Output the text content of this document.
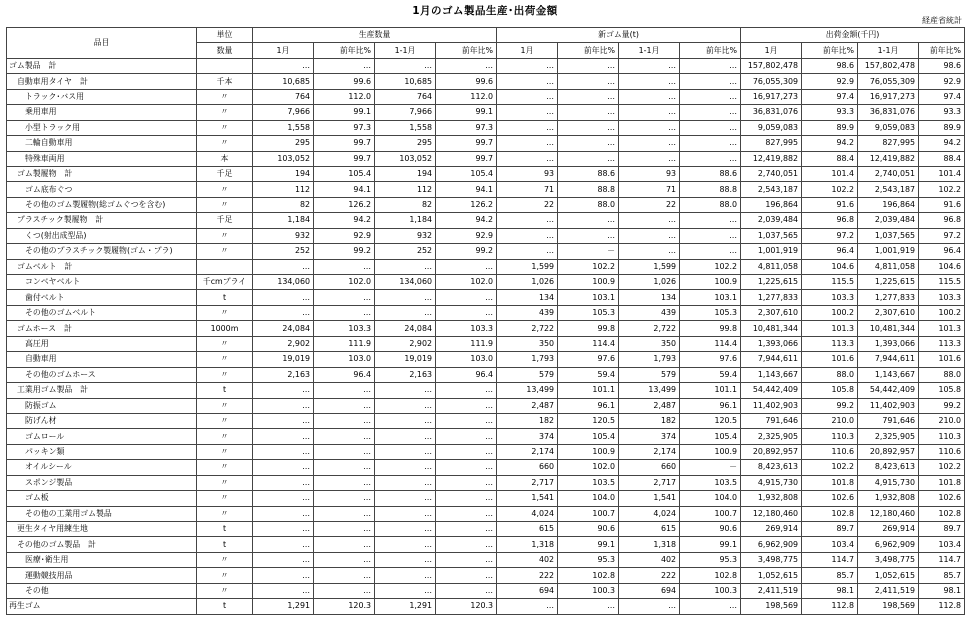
1月のゴム製品生産･出荷金額
経産省統計
品目	単位	生産数量				新ゴム量(t)				出荷金額(千円)			
	数量	1月	前年比%	1-1月	前年比%	1月	前年比%	1-1月	前年比%	1月	前年比%	1-1月	前年比%
ゴム製品　計		…	…	…	…	…	…	…	…	157,802,478	98.6	157,802,478	98.6
自動車用タイヤ　計	千本	10,685	99.6	10,685	99.6	…	…	…	…	76,055,309	92.9	76,055,309	92.9
トラック･バス用	〃	764	112.0	764	112.0	…	…	…	…	16,917,273	97.4	16,917,273	97.4
乗用車用	〃	7,966	99.1	7,966	99.1	…	…	…	…	36,831,076	93.3	36,831,076	93.3
小型トラック用	〃	1,558	97.3	1,558	97.3	…	…	…	…	9,059,083	89.9	9,059,083	89.9
二輪自動車用	〃	295	99.7	295	99.7	…	…	…	…	827,995	94.2	827,995	94.2
特殊車両用	本	103,052	99.7	103,052	99.7	…	…	…	…	12,419,882	88.4	12,419,882	88.4
ゴム製履物　計	千足	194	105.4	194	105.4	93	88.6	93	88.6	2,740,051	101.4	2,740,051	101.4
ゴム底布ぐつ	〃	112	94.1	112	94.1	71	88.8	71	88.8	2,543,187	102.2	2,543,187	102.2
その他のゴム製履物(総ゴムぐつを含む)	〃	82	126.2	82	126.2	22	88.0	22	88.0	196,864	91.6	196,864	91.6
プラスチック製履物　計	千足	1,184	94.2	1,184	94.2	…	…	…	…	2,039,484	96.8	2,039,484	96.8
くつ(射出成型品)	〃	932	92.9	932	92.9	…	…	…	…	1,037,565	97.2	1,037,565	97.2
その他のプラスチック製履物(ゴム・プラ)	〃	252	99.2	252	99.2	…	－	…	…	1,001,919	96.4	1,001,919	96.4
ゴムベルト　計		…	…	…	…	1,599	102.2	1,599	102.2	4,811,058	104.6	4,811,058	104.6
コンベヤベルト	千cmプライ	134,060	102.0	134,060	102.0	1,026	100.9	1,026	100.9	1,225,615	115.5	1,225,615	115.5
歯付ベルト	t	…	…	…	…	134	103.1	134	103.1	1,277,833	103.3	1,277,833	103.3
その他のゴムベルト	〃	…	…	…	…	439	105.3	439	105.3	2,307,610	100.2	2,307,610	100.2
ゴムホース　計	1000m	24,084	103.3	24,084	103.3	2,722	99.8	2,722	99.8	10,481,344	101.3	10,481,344	101.3
高圧用	〃	2,902	111.9	2,902	111.9	350	114.4	350	114.4	1,393,066	113.3	1,393,066	113.3
自動車用	〃	19,019	103.0	19,019	103.0	1,793	97.6	1,793	97.6	7,944,611	101.6	7,944,611	101.6
その他のゴムホース	〃	2,163	96.4	2,163	96.4	579	59.4	579	59.4	1,143,667	88.0	1,143,667	88.0
工業用ゴム製品　計	t	…	…	…	…	13,499	101.1	13,499	101.1	54,442,409	105.8	54,442,409	105.8
防振ゴム	〃	…	…	…	…	2,487	96.1	2,487	96.1	11,402,903	99.2	11,402,903	99.2
防げん材	〃	…	…	…	…	182	120.5	182	120.5	791,646	210.0	791,646	210.0
ゴムロール	〃	…	…	…	…	374	105.4	374	105.4	2,325,905	110.3	2,325,905	110.3
パッキン類	〃	…	…	…	…	2,174	100.9	2,174	100.9	20,892,957	110.6	20,892,957	110.6
オイルシール	〃	…	…	…	…	660	102.0	660	－	8,423,613	102.2	8,423,613	102.2
スポンジ製品	〃	…	…	…	…	2,717	103.5	2,717	103.5	4,915,730	101.8	4,915,730	101.8
ゴム板	〃	…	…	…	…	1,541	104.0	1,541	104.0	1,932,808	102.6	1,932,808	102.6
その他の工業用ゴム製品	〃	…	…	…	…	4,024	100.7	4,024	100.7	12,180,460	102.8	12,180,460	102.8
更生タイヤ用練生地	t	…	…	…	…	615	90.6	615	90.6	269,914	89.7	269,914	89.7
その他のゴム製品　計	t	…	…	…	…	1,318	99.1	1,318	99.1	6,962,909	103.4	6,962,909	103.4
医療･衛生用	〃	…	…	…	…	402	95.3	402	95.3	3,498,775	114.7	3,498,775	114.7
運動競技用品	〃	…	…	…	…	222	102.8	222	102.8	1,052,615	85.7	1,052,615	85.7
その他	〃	…	…	…	…	694	100.3	694	100.3	2,411,519	98.1	2,411,519	98.1
再生ゴム	t	1,291	120.3	1,291	120.3	…	…	…	…	198,569	112.8	198,569	112.8
